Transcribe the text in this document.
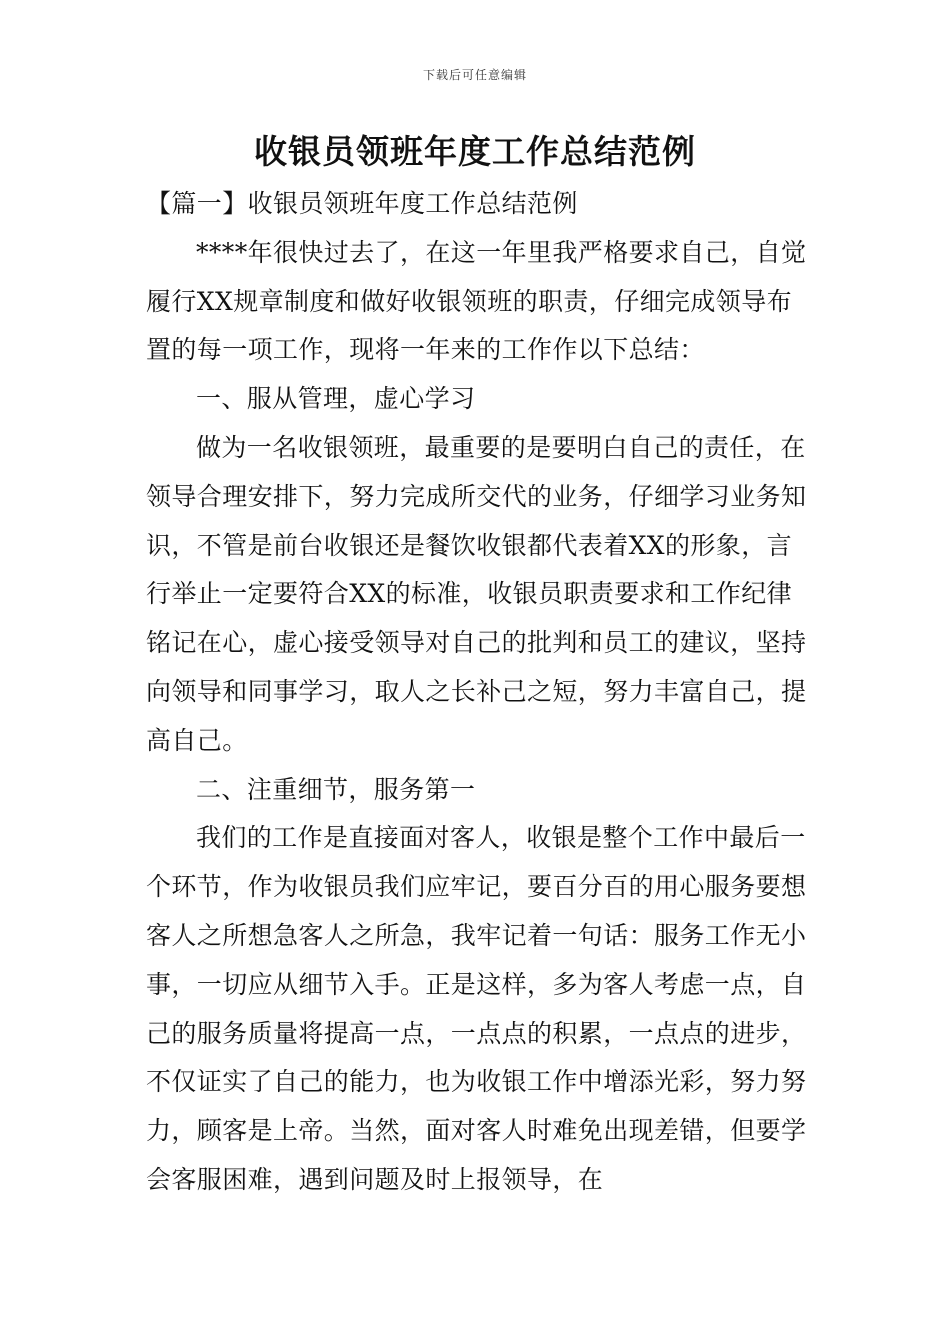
下载后可任意编辑
收银员领班年度工作总结范例

【篇一】收银员领班年度工作总结范例

****年很快过去了，在这一年里我严格要求自己，自觉履行XX规章制度和做好收银领班的职责，仔细完成领导布置的每一项工作，现将一年来的工作作以下总结：

一、服从管理，虚心学习

做为一名收银领班，最重要的是要明白自己的责任，在领导合理安排下，努力完成所交代的业务，仔细学习业务知识，不管是前台收银还是餐饮收银都代表着XX的形象，言行举止一定要符合XX的标准，收银员职责要求和工作纪律铭记在心，虚心接受领导对自己的批判和员工的建议，坚持向领导和同事学习，取人之长补己之短，努力丰富自己，提高自己。

二、注重细节，服务第一

我们的工作是直接面对客人，收银是整个工作中最后一个环节，作为收银员我们应牢记，要百分百的用心服务要想客人之所想急客人之所急，我牢记着一句话：服务工作无小事，一切应从细节入手。正是这样，多为客人考虑一点，自己的服务质量将提高一点，一点点的积累，一点点的进步，不仅证实了自己的能力，也为收银工作中增添光彩，努力努力，顾客是上帝。当然，面对客人时难免出现差错，但要学会客服困难，遇到问题及时上报领导，在
